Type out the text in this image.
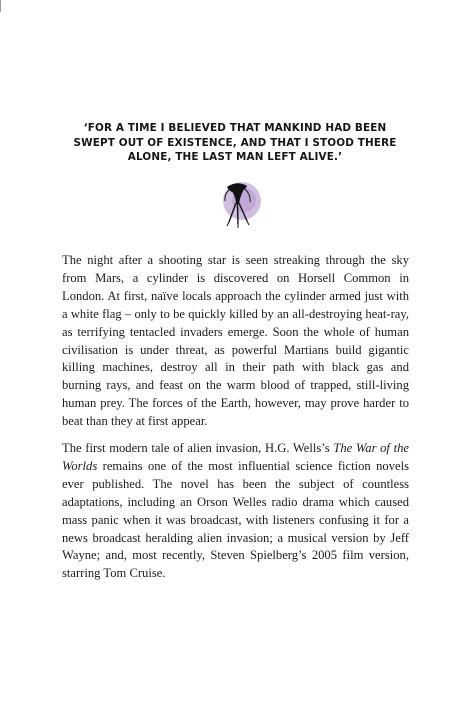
‘FOR A TIME I BELIEVED THAT MANKIND HAD BEEN
SWEPT OUT OF EXISTENCE, AND THAT I STOOD THERE
ALONE, THE LAST MAN LEFT ALIVE.’
The night after a shooting star is seen streaking through the sky
from Mars, a cylinder is discovered on Horsell Common in
London. At first, naïve locals approach the cylinder armed just with
a white flag – only to be quickly killed by an all-destroying heat-ray,
as terrifying tentacled invaders emerge. Soon the whole of human
civilisation is under threat, as powerful Martians build gigantic
killing machines, destroy all in their path with black gas and
burning rays, and feast on the warm blood of trapped, still-living
human prey. The forces of the Earth, however, may prove harder to
beat than they at first appear.
The first modern tale of alien invasion, H.G. Wells’s The War of the
Worlds remains one of the most influential science fiction novels
ever published. The novel has been the subject of countless
adaptations, including an Orson Welles radio drama which caused
mass panic when it was broadcast, with listeners confusing it for a
news broadcast heralding alien invasion; a musical version by Jeff
Wayne; and, most recently, Steven Spielberg’s 2005 film version,
starring Tom Cruise.
